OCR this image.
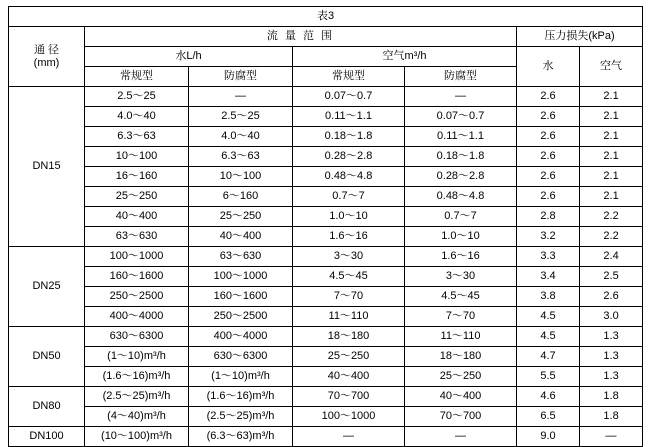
表3						

通 径
(mm)	流 量 范 围				压力损失(kPa)	
	水L/h		空气m³/h		水	空气
	常规型	防腐型	常规型	防腐型		
DN15	2.5～25	—	0.07～0.7	—	2.6	2.1
	4.0～40	2.5～25	0.11～1.1	0.07～0.7	2.6	2.1
	6.3～63	4.0～40	0.18～1.8	0.11～1.1	2.6	2.1
	10～100	6.3～63	0.28～2.8	0.18～1.8	2.6	2.1
	16～160	10～100	0.48～4.8	0.28～2.8	2.6	2.1
	25～250	6～160	0.7～7	0.48～4.8	2.6	2.1
	40～400	25～250	1.0～10	0.7～7	2.8	2.2
	63～630	40～400	1.6～16	1.0～10	3.2	2.2
DN25	100～1000	63～630	3～30	1.6～16	3.3	2.4
	160～1600	100～1000	4.5～45	3～30	3.4	2.5
	250～2500	160～1600	7～70	4.5～45	3.8	2.6
	400～4000	250～2500	11～110	7～70	4.5	3.0
DN50	630～6300	400～4000	18～180	11～110	4.5	1.3
	(1～10)m³/h	630～6300	25～250	18～180	4.7	1.3
	(1.6～16)m³/h	(1～10)m³/h	40～400	25～250	5.5	1.3
DN80	(2.5～25)m³/h	(1.6～16)m³/h	70～700	40～400	4.6	1.8
	(4～40)m³/h	(2.5～25)m³/h	100～1000	70～700	6.5	1.8
DN100	(10～100)m³/h	(6.3～63)m³/h	—	—	9.0	—
